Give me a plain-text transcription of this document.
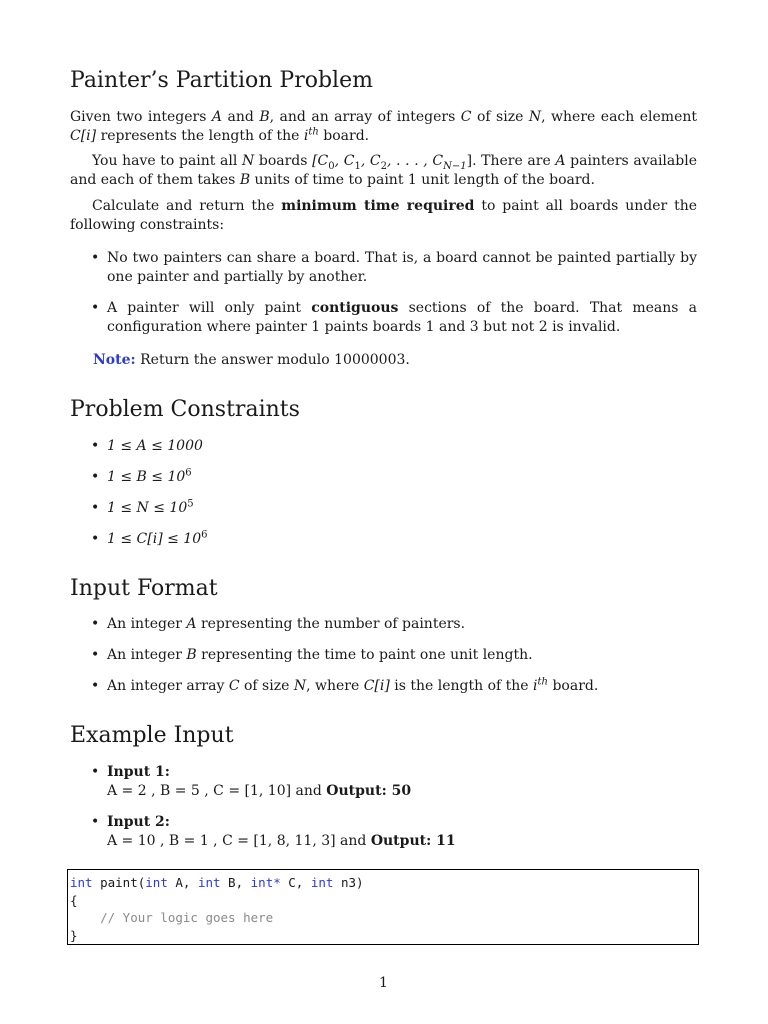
Painter’s Partition Problem

Given two integers A and B, and an array of integers C of size N, where each element C[i] represents the length of the $i^{th}$ board.

You have to paint all N boards [$C_0$, $C_1$, $C_2$, . . . , $C_{N-1}$]. There are A painters available and each of them takes B units of time to paint 1 unit length of the board.

Calculate and return the minimum time required to paint all boards under the following constraints:

• No two painters can share a board. That is, a board cannot be painted partially by one painter and partially by another.
• A painter will only paint contiguous sections of the board. That means a configuration where painter 1 paints boards 1 and 3 but not 2 is invalid.

Note: Return the answer modulo 10000003.

Problem Constraints
• 1 ≤ A ≤ 1000
• $1 \le B \le 10^6$
• $1 \le N \le 10^5$
• $1 \le C[i] \le 10^6$
Input Format
• An integer A representing the number of painters.
• An integer B representing the time to paint one unit length.
• An integer array C of size N, where C[i] is the length of the $i^{th}$ board.
Example Input
• Input 1:
A = 2 , B = 5 , C = [1, 10] and Output: 50
• Input 2:
A = 10 , B = 1 , C = [1, 8, 11, 3] and Output: 11
int paint(int A, int B, int* C, int n3)
{
// Your logic goes here
}
1
